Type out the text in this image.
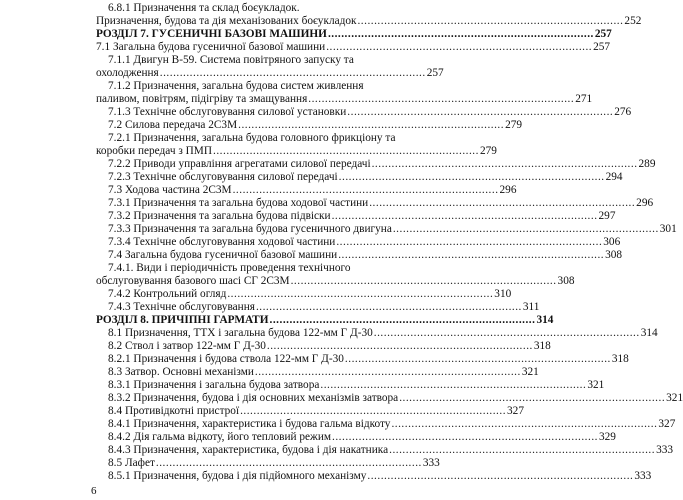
6.8.1 Призначення та склад боєукладок.
Призначення, будова та дія механізованих боєукладок ................................................................................ 252
РОЗДІЛ 7. ГУСЕНИЧНІ БАЗОВІ МАШИНИ ................................................................................ 257
7.1 Загальна будова гусеничної базової машини ................................................................................ 257
7.1.1 Двигун В-59. Система повітряного запуску та
охолодження ................................................................................ 257
7.1.2 Призначення, загальна будова систем живлення
паливом, повітрям, підігріву та змащування ................................................................................ 271
7.1.3 Технічне обслуговування силової установки ................................................................................ 276
7.2 Силова передача 2С3М ................................................................................ 279
7.2.1 Призначення, загальна будова головного фрикціону та
коробки передач з ПМП ................................................................................ 279
7.2.2 Приводи управління агрегатами силової передачі ................................................................................ 289
7.2.3 Технічне обслуговування силової передачі ................................................................................ 294
7.3 Ходова частина 2С3М ................................................................................ 296
7.3.1 Призначення та загальна будова ходової частини ................................................................................ 296
7.3.2 Призначення та загальна будова підвіски ................................................................................ 297
7.3.3 Призначення та загальна будова гусеничного двигуна ................................................................................ 301
7.3.4 Технічне обслуговування ходової частини ................................................................................ 306
7.4 Загальна будова гусеничної базової машини ................................................................................ 308
7.4.1. Види і періодичність проведення технічного
обслуговування базового шасі СГ 2С3М ................................................................................ 308
7.4.2 Контрольний огляд ................................................................................ 310
7.4.3 Технічне обслуговування ................................................................................ 311
РОЗДІЛ 8. ПРИЧІПНІ ГАРМАТИ ................................................................................ 314
8.1 Призначення, ТТХ і загальна будова 122-мм Г Д-30 ................................................................................ 314
8.2 Ствол і затвор 122-мм Г Д-30 ................................................................................ 318
8.2.1 Призначення і будова ствола 122-мм Г Д-30 ................................................................................ 318
8.3 Затвор. Основні механізми ................................................................................ 321
8.3.1 Призначення і загальна будова затвора ................................................................................ 321
8.3.2 Призначення, будова і дія основних механізмів затвора ................................................................................ 321
8.4 Противідкотні пристрої ................................................................................ 327
8.4.1 Призначення, характеристика і будова гальма відкоту ................................................................................ 327
8.4.2 Дія гальма відкоту, його тепловий режим ................................................................................ 329
8.4.3 Призначення, характеристика, будова і дія накатника ................................................................................ 333
8.5 Лафет ................................................................................ 333
8.5.1 Призначення, будова і дія підйомного механізму ................................................................................ 333
6
